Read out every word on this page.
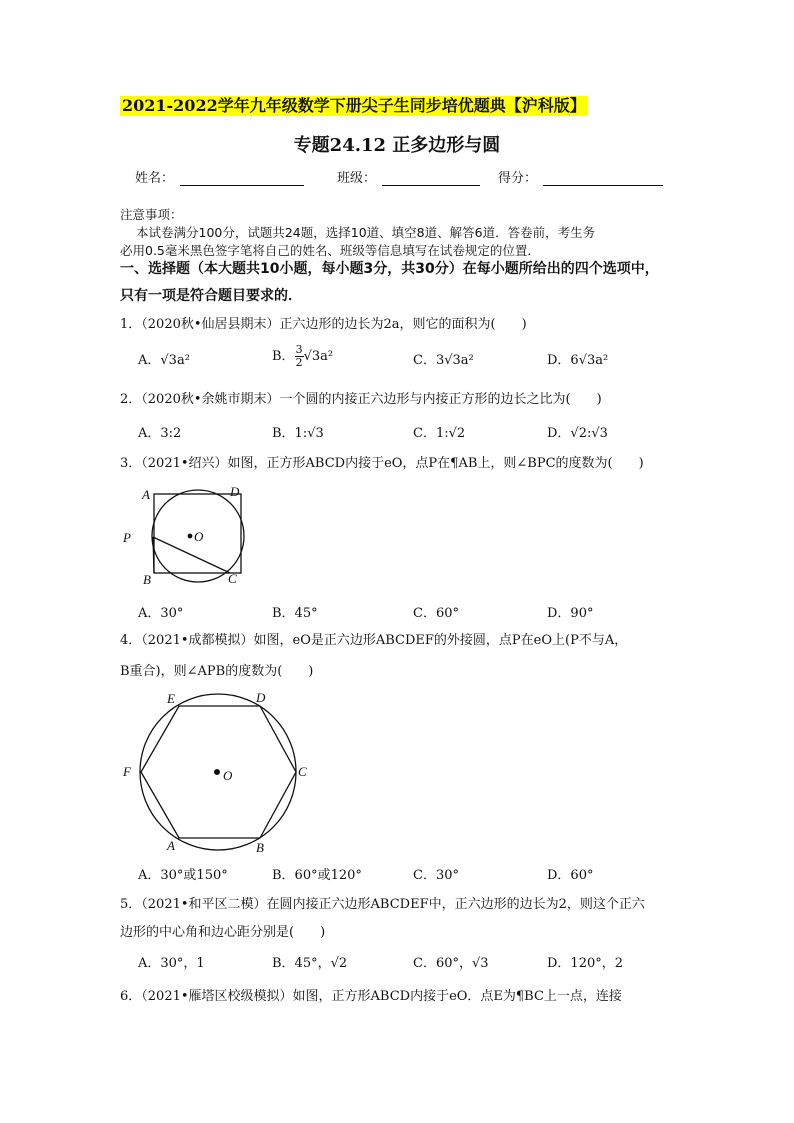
2021-2022学年九年级数学下册尖子生同步培优题典【沪科版】
专题24.12 正多边形与圆
姓名：	班级：	得分：
注意事项：
本试卷满分100分，试题共24题，选择10道、填空8道、解答6道．答卷前，考生务
必用0.5毫米黑色签字笔将自己的姓名、班级等信息填写在试卷规定的位置．
一、选择题（本大题共10小题，每小题3分，共30分）在每小题所给出的四个选项中，
只有一项是符合题目要求的．
1．（2020秋•仙居县期末）正六边形的边长为2a，则它的面积为(　　)
A．√3a²	B． $\frac{3}{2} √3a^2$	C．3√3a²	D．6√3a²
2．（2020秋•余姚市期末）一个圆的内接正六边形与内接正方形的边长之比为(　　)
A．3:2	B．1:√3	C．1:√2	D．√2:√3
3．（2021•绍兴）如图，正方形ABCD内接于eO，点P在¶AB上，则∠BPC的度数为(　　)
A	D
O
P
B	C
A．30°	B．45°	C．60°	D．90°
4．（2021•成都模拟）如图，eO是正六边形ABCDEF的外接圆，点P在eO上(P不与A，
B重合)，则∠APB的度数为(　　)
E	D
F	O	C
A	B
A．30°或150°	B．60°或120°	C．30°	D．60°
5．（2021•和平区二模）在圆内接正六边形ABCDEF中，正六边形的边长为2，则这个正六
边形的中心角和边心距分别是(　　)
A．30°，1	B．45°，√2	C．60°，√3	D．120°，2
6．（2021•雁塔区校级模拟）如图，正方形ABCD内接于eO．点E为¶BC上一点，连接
